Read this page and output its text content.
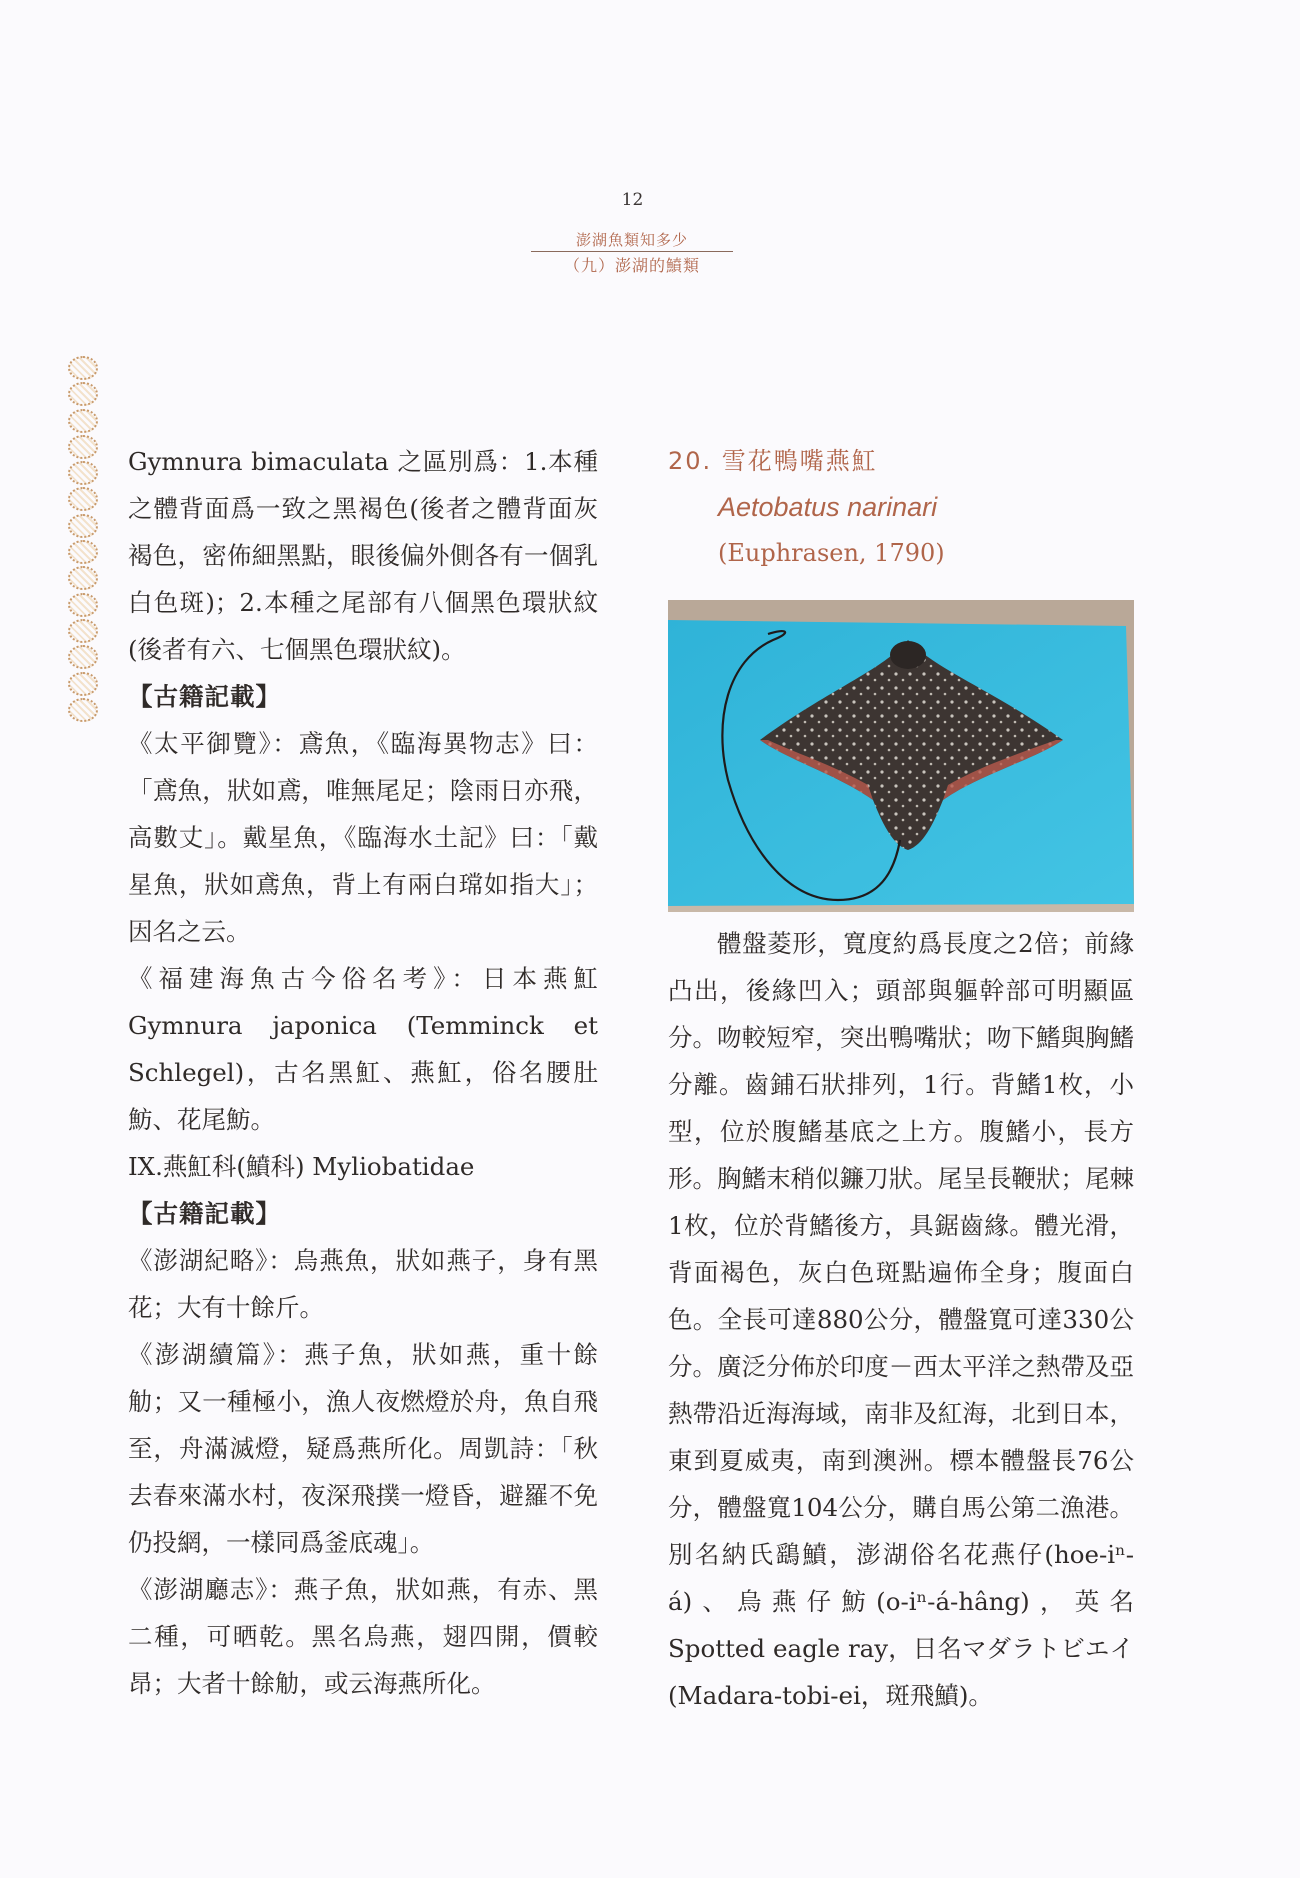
12
澎湖魚類知多少
（九）澎湖的鱝類

Gymnura bimaculata 之區別爲：1.本種之體背面爲一致之黑褐色(後者之體背面灰褐色，密佈細黑點，眼後偏外側各有一個乳白色斑)；2.本種之尾部有八個黑色環狀紋(後者有六、七個黑色環狀紋)。

【古籍記載】

《太平御覽》：鳶魚，《臨海異物志》曰：「鳶魚，狀如鳶，唯無尾足；陰雨日亦飛，高數丈」。戴星魚，《臨海水土記》曰：「戴星魚，狀如鳶魚，背上有兩白瑺如指大」；因名之云。

《福建海魚古今俗名考》：日本燕魟 Gymnura japonica (Temminck et Schlegel)，古名黑魟、燕魟，俗名腰肚魴、花尾魴。

IX.燕魟科(鱝科) Myliobatidae

【古籍記載】

《澎湖紀略》：烏燕魚，狀如燕子，身有黑花；大有十餘斤。

《澎湖續篇》：燕子魚，狀如燕，重十餘觔；又一種極小，漁人夜燃燈於舟，魚自飛至，舟滿滅燈，疑爲燕所化。周凱詩：「秋去春來滿水村，夜深飛撲一燈昏，避羅不免仍投網，一樣同爲釜底魂」。

《澎湖廳志》：燕子魚，狀如燕，有赤、黑二種，可晒乾。黑名烏燕，翅四開，價較昂；大者十餘觔，或云海燕所化。

20. 雪花鴨嘴燕魟
Aetobatus narinari
(Euphrasen, 1790)
體盤菱形，寬度約爲長度之2倍；前緣凸出，後緣凹入；頭部與軀幹部可明顯區分。吻較短窄，突出鴨嘴狀；吻下鰭與胸鰭分離。齒鋪石狀排列，1行。背鰭1枚，小型，位於腹鰭基底之上方。腹鰭小，長方形。胸鰭末稍似鐮刀狀。尾呈長鞭狀；尾棘1枚，位於背鰭後方，具鋸齒緣。體光滑，背面褐色，灰白色斑點遍佈全身；腹面白色。全長可達880公分，體盤寬可達330公分。廣泛分佈於印度－西太平洋之熱帶及亞熱帶沿近海海域，南非及紅海，北到日本，東到夏威夷，南到澳洲。標本體盤長76公分，體盤寬104公分，購自馬公第二漁港。別名納氏鷂鱝，澎湖俗名花燕仔(hoe-iⁿ-á)、烏燕仔魴(o-iⁿ-á-hâng)，英名Spotted eagle ray，日名マダラトビエイ(Madara-tobi-ei，斑飛鱝)。
